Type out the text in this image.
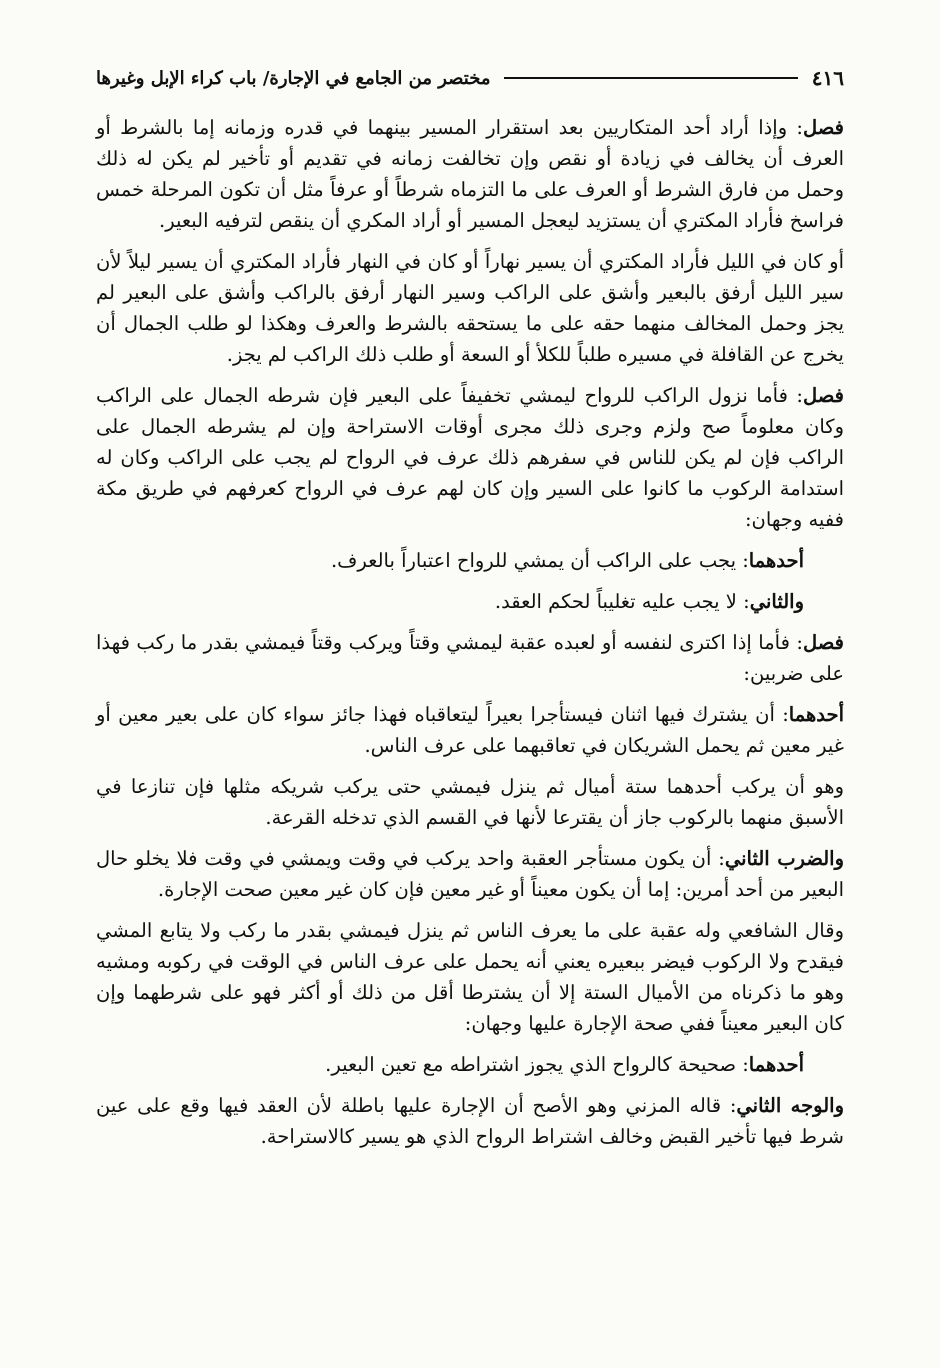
٤١٦
مختصر من الجامع في الإجارة/ باب كراء الإبل وغيرها

فصل: وإذا أراد أحد المتكاريين بعد استقرار المسير بينهما في قدره وزمانه إما بالشرط أو العرف أن يخالف في زيادة أو نقص وإن تخالفت زمانه في تقديم أو تأخير لم يكن له ذلك وحمل من فارق الشرط أو العرف على ما التزماه شرطاً أو عرفاً مثل أن تكون المرحلة خمس فراسخ فأراد المكتري أن يستزيد ليعجل المسير أو أراد المكري أن ينقص لترفيه البعير.

أو كان في الليل فأراد المكتري أن يسير نهاراً أو كان في النهار فأراد المكتري أن يسير ليلاً لأن سير الليل أرفق بالبعير وأشق على الراكب وسير النهار أرفق بالراكب وأشق على البعير لم يجز وحمل المخالف منهما حقه على ما يستحقه بالشرط والعرف وهكذا لو طلب الجمال أن يخرج عن القافلة في مسيره طلباً للكلأ أو السعة أو طلب ذلك الراكب لم يجز.

فصل: فأما نزول الراكب للرواح ليمشي تخفيفاً على البعير فإن شرطه الجمال على الراكب وكان معلوماً صح ولزم وجرى ذلك مجرى أوقات الاستراحة وإن لم يشرطه الجمال على الراكب فإن لم يكن للناس في سفرهم ذلك عرف في الرواح لم يجب على الراكب وكان له استدامة الركوب ما كانوا على السير وإن كان لهم عرف في الرواح كعرفهم في طريق مكة ففيه وجهان:

أحدهما: يجب على الراكب أن يمشي للرواح اعتباراً بالعرف.

والثاني: لا يجب عليه تغليباً لحكم العقد.

فصل: فأما إذا اكترى لنفسه أو لعبده عقبة ليمشي وقتاً ويركب وقتاً فيمشي بقدر ما ركب فهذا على ضربين:

أحدهما: أن يشترك فيها اثنان فيستأجرا بعيراً ليتعاقباه فهذا جائز سواء كان على بعير معين أو غير معين ثم يحمل الشريكان في تعاقبهما على عرف الناس.

وهو أن يركب أحدهما ستة أميال ثم ينزل فيمشي حتى يركب شريكه مثلها فإن تنازعا في الأسبق منهما بالركوب جاز أن يقترعا لأنها في القسم الذي تدخله القرعة.

والضرب الثاني: أن يكون مستأجر العقبة واحد يركب في وقت ويمشي في وقت فلا يخلو حال البعير من أحد أمرين: إما أن يكون معيناً أو غير معين فإن كان غير معين صحت الإجارة.

وقال الشافعي وله عقبة على ما يعرف الناس ثم ينزل فيمشي بقدر ما ركب ولا يتابع المشي فيقدح ولا الركوب فيضر ببعيره يعني أنه يحمل على عرف الناس في الوقت في ركوبه ومشيه وهو ما ذكرناه من الأميال الستة إلا أن يشترطا أقل من ذلك أو أكثر فهو على شرطهما وإن كان البعير معيناً ففي صحة الإجارة عليها وجهان:

أحدهما: صحيحة كالرواح الذي يجوز اشتراطه مع تعين البعير.

والوجه الثاني: قاله المزني وهو الأصح أن الإجارة عليها باطلة لأن العقد فيها وقع على عين شرط فيها تأخير القبض وخالف اشتراط الرواح الذي هو يسير كالاستراحة.
